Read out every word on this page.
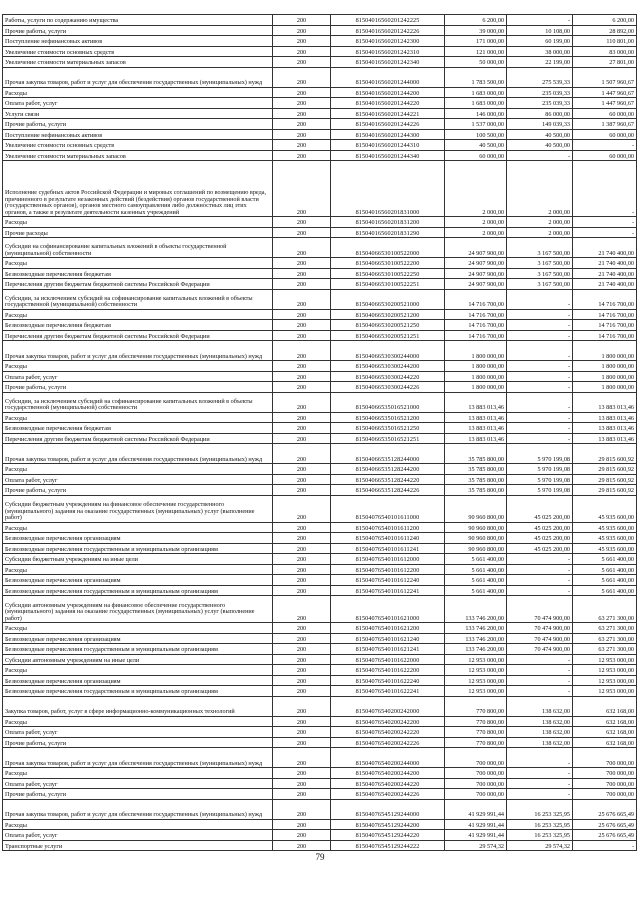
Работы, услуги по содержанию имущества	200	81504016560201242225	6 200,00	-	6 200,00
Прочие работы, услуги	200	81504016560201242226	39 000,00	10 108,00	28 892,00
Поступление нефинансовых активов	200	81504016560201242300	171 000,00	60 199,00	110 801,00
Увеличение стоимости основных средств	200	81504016560201242310	121 000,00	38 000,00	83 000,00
Увеличение стоимости материальных запасов	200	81504016560201242340	50 000,00	22 199,00	27 801,00
Прочая закупка товаров, работ и услуг для обеспечения государственных (муниципальных) нужд	200	81504016560201244000	1 783 500,00	275 539,33	1 507 960,67
Расходы	200	81504016560201244200	1 683 000,00	235 039,33	1 447 960,67
Оплата работ, услуг	200	81504016560201244220	1 683 000,00	235 039,33	1 447 960,67
Услуги связи	200	81504016560201244221	146 000,00	86 000,00	60 000,00
Прочие работы, услуги	200	81504016560201244226	1 537 000,00	149 039,33	1 387 960,67
Поступление нефинансовых активов	200	81504016560201244300	100 500,00	40 500,00	60 000,00
Увеличение стоимости основных средств	200	81504016560201244310	40 500,00	40 500,00	-
Увеличение стоимости материальных запасов	200	81504016560201244340	60 000,00	-	60 000,00
Исполнение судебных актов Российской Федерации и мировых соглашений по возмещению вреда, причиненного в результате незаконных действий (бездействия) органов государственной власти (государственных органов), органов местного самоуправления либо должностных лиц этих органов, а также в результате деятельности казенных учреждений	200	81504016560201831000	2 000,00	2 000,00	-
Расходы	200	81504016560201831200	2 000,00	2 000,00	-
Прочие расходы	200	81504016560201831290	2 000,00	2 000,00	-
Субсидии на софинансирование капитальных вложений в объекты государственной (муниципальной) собственности	200	81504066530100522000	24 907 900,00	3 167 500,00	21 740 400,00
Расходы	200	81504066530100522200	24 907 900,00	3 167 500,00	21 740 400,00
Безвозмездные перечисления бюджетам	200	81504066530100522250	24 907 900,00	3 167 500,00	21 740 400,00
Перечисления другим бюджетам бюджетной системы Российской Федерации	200	81504066530100522251	24 907 900,00	3 167 500,00	21 740 400,00
Субсидии, за исключением субсидий на софинансирование капитальных вложений в объекты государственной (муниципальной) собственности	200	81504066530200521000	14 716 700,00	-	14 716 700,00
Расходы	200	81504066530200521200	14 716 700,00	-	14 716 700,00
Безвозмездные перечисления бюджетам	200	81504066530200521250	14 716 700,00	-	14 716 700,00
Перечисления другим бюджетам бюджетной системы Российской Федерации	200	81504066530200521251	14 716 700,00	-	14 716 700,00
Прочая закупка товаров, работ и услуг для обеспечения государственных (муниципальных) нужд	200	81504066530300244000	1 800 000,00	-	1 800 000,00
Расходы	200	81504066530300244200	1 800 000,00	-	1 800 000,00
Оплата работ, услуг	200	81504066530300244220	1 800 000,00	-	1 800 000,00
Прочие работы, услуги	200	81504066530300244226	1 800 000,00	-	1 800 000,00
Субсидии, за исключением субсидий на софинансирование капитальных вложений в объекты государственной (муниципальной) собственности	200	81504066535016521000	13 883 013,46	-	13 883 013,46
Расходы	200	81504066535016521200	13 883 013,46	-	13 883 013,46
Безвозмездные перечисления бюджетам	200	81504066535016521250	13 883 013,46	-	13 883 013,46
Перечисления другим бюджетам бюджетной системы Российской Федерации	200	81504066535016521251	13 883 013,46	-	13 883 013,46
Прочая закупка товаров, работ и услуг для обеспечения государственных (муниципальных) нужд	200	81504066535128244000	35 785 800,00	5 970 199,08	29 815 600,92
Расходы	200	81504066535128244200	35 785 800,00	5 970 199,08	29 815 600,92
Оплата работ, услуг	200	81504066535128244220	35 785 800,00	5 970 199,08	29 815 600,92
Прочие работы, услуги	200	81504066535128244226	35 785 800,00	5 970 199,08	29 815 600,92
Субсидии бюджетным учреждениям на финансовое обеспечение государственного (муниципального) задания на оказание государственных (муниципальных) услуг (выполнение работ)	200	81504076540101611000	90 960 800,00	45 025 200,00	45 935 600,00
Расходы	200	81504076540101611200	90 960 800,00	45 025 200,00	45 935 600,00
Безвозмездные перечисления организациям	200	81504076540101611240	90 960 800,00	45 025 200,00	45 935 600,00
Безвозмездные перечисления государственным и муниципальным организациям	200	81504076540101611241	90 960 800,00	45 025 200,00	45 935 600,00
Субсидии бюджетным учреждениям на иные цели	200	81504076540101612000	5 661 400,00	-	5 661 400,00
Расходы	200	81504076540101612200	5 661 400,00	-	5 661 400,00
Безвозмездные перечисления организациям	200	81504076540101612240	5 661 400,00	-	5 661 400,00
Безвозмездные перечисления государственным и муниципальным организациям	200	81504076540101612241	5 661 400,00	-	5 661 400,00
Субсидии автономным учреждениям на финансовое обеспечение государственного (муниципального) задания на оказание государственных (муниципальных) услуг (выполнение работ)	200	81504076540101621000	133 746 200,00	70 474 900,00	63 271 300,00
Расходы	200	81504076540101621200	133 746 200,00	70 474 900,00	63 271 300,00
Безвозмездные перечисления организациям	200	81504076540101621240	133 746 200,00	70 474 900,00	63 271 300,00
Безвозмездные перечисления государственным и муниципальным организациям	200	81504076540101621241	133 746 200,00	70 474 900,00	63 271 300,00
Субсидии автономным учреждениям на иные цели	200	81504076540101622000	12 953 000,00	-	12 953 000,00
Расходы	200	81504076540101622200	12 953 000,00	-	12 953 000,00
Безвозмездные перечисления организациям	200	81504076540101622240	12 953 000,00	-	12 953 000,00
Безвозмездные перечисления государственным и муниципальным организациям	200	81504076540101622241	12 953 000,00	-	12 953 000,00
Закупка товаров, работ, услуг в сфере информационно-коммуникационных технологий	200	81504076540200242000	770 800,00	138 632,00	632 168,00
Расходы	200	81504076540200242200	770 800,00	138 632,00	632 168,00
Оплата работ, услуг	200	81504076540200242220	770 800,00	138 632,00	632 168,00
Прочие работы, услуги	200	81504076540200242226	770 800,00	138 632,00	632 168,00
Прочая закупка товаров, работ и услуг для обеспечения государственных (муниципальных) нужд	200	81504076540200244000	700 000,00	-	700 000,00
Расходы	200	81504076540200244200	700 000,00	-	700 000,00
Оплата работ, услуг	200	81504076540200244220	700 000,00	-	700 000,00
Прочие работы, услуги	200	81504076540200244226	700 000,00	-	700 000,00
Прочая закупка товаров, работ и услуг для обеспечения государственных (муниципальных) нужд	200	81504076545129244000	41 929 991,44	16 253 325,95	25 676 665,49
Расходы	200	81504076545129244200	41 929 991,44	16 253 325,95	25 676 665,49
Оплата работ, услуг	200	81504076545129244220	41 929 991,44	16 253 325,95	25 676 665,49
Транспортные услуги	200	81504076545129244222	29 574,32	29 574,32	-
79
